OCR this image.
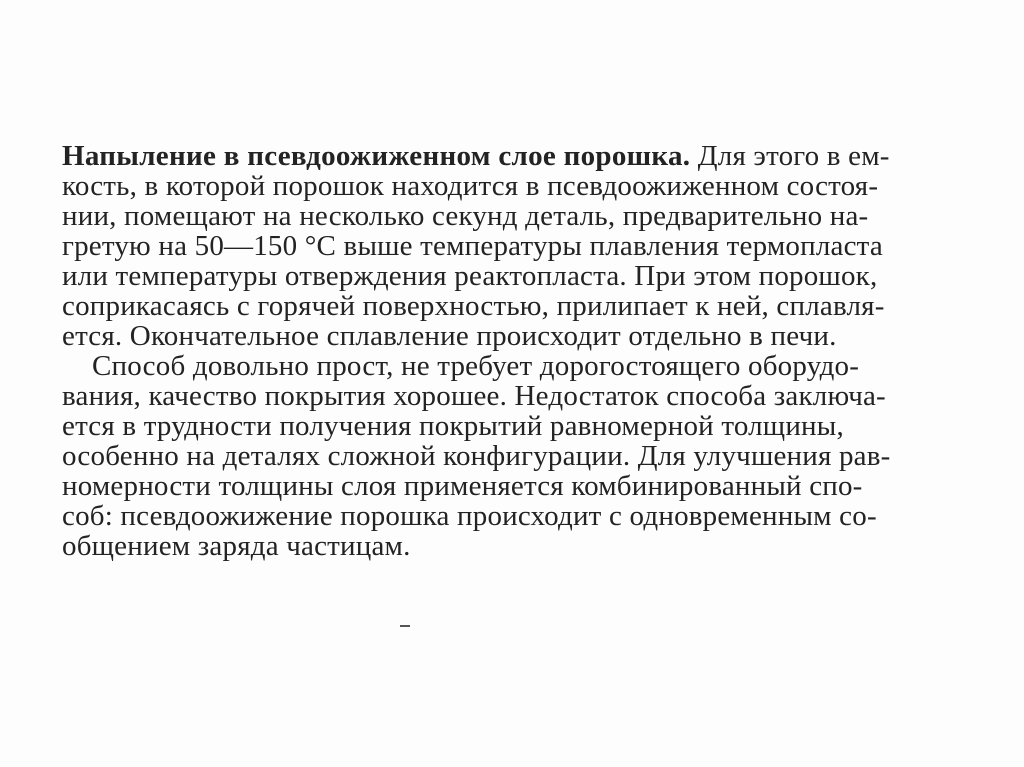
Напыление в псевдоожиженном слое порошка. Для этого в ем-
кость, в которой порошок находится в псевдоожиженном состоя-
нии, помещают на несколько секунд деталь, предварительно на-
гретую на 50—150 °С выше температуры плавления термопласта
или температуры отверждения реактопласта. При этом порошок,
соприкасаясь с горячей поверхностью, прилипает к ней, сплавля-
ется. Окончательное сплавление происходит отдельно в печи.
Способ довольно прост, не требует дорогостоящего оборудо-
вания, качество покрытия хорошее. Недостаток способа заключа-
ется в трудности получения покрытий равномерной толщины,
особенно на деталях сложной конфигурации. Для улучшения рав-
номерности толщины слоя применяется комбинированный спо-
соб: псевдоожижение порошка происходит с одновременным со-
общением заряда частицам.
